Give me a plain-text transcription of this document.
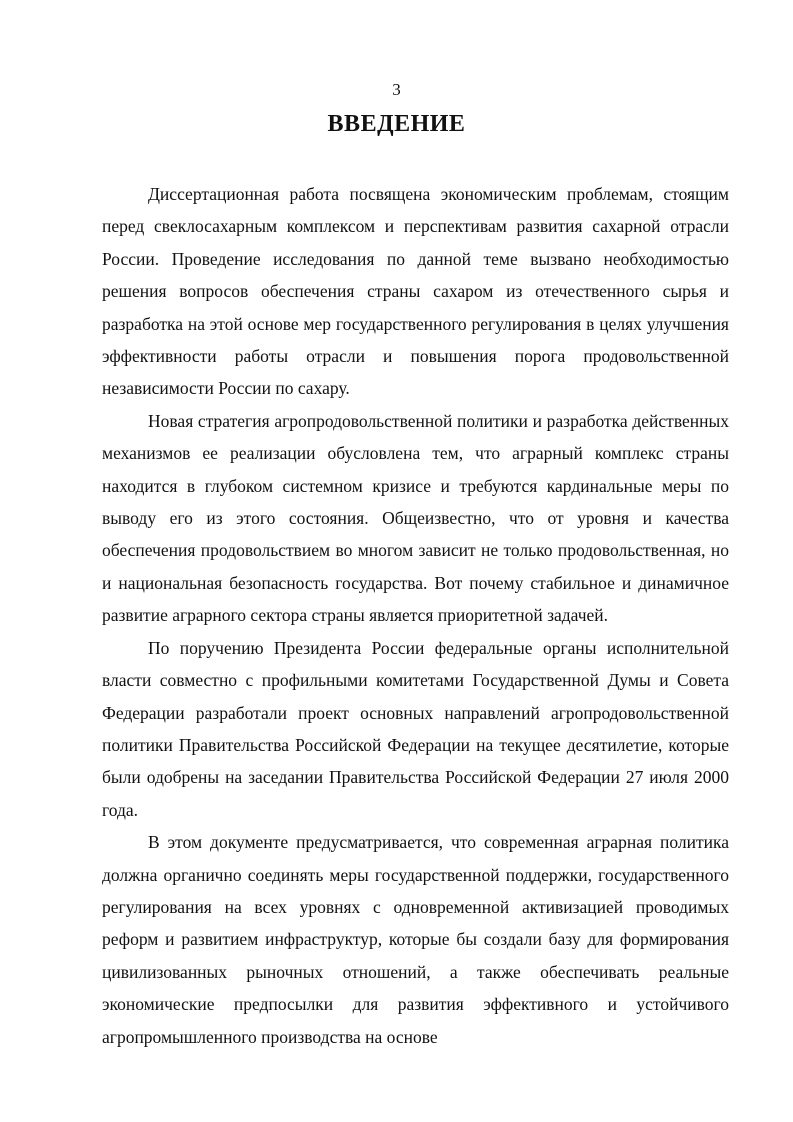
3
ВВЕДЕНИЕ

Диссертационная работа посвящена экономическим проблемам, стоящим перед свеклосахарным комплексом и перспективам развития сахарной отрасли России. Проведение исследования по данной теме вызвано необходимостью решения вопросов обеспечения страны сахаром из отечественного сырья и разработка на этой основе мер государственного регулирования в целях улучшения эффективности работы отрасли и повышения порога продовольственной независимости России по сахару.

Новая стратегия агропродовольственной политики и разработка действенных механизмов ее реализации обусловлена тем, что аграрный комплекс страны находится в глубоком системном кризисе и требуются кардинальные меры по выводу его из этого состояния. Общеизвестно, что от уровня и качества обеспечения продовольствием во многом зависит не только продовольственная, но и национальная безопасность государства. Вот почему стабильное и динамичное развитие аграрного сектора страны является приоритетной задачей.

По поручению Президента России федеральные органы исполнительной власти совместно с профильными комитетами Государственной Думы и Совета Федерации разработали проект основных направлений агропродовольственной политики Правительства Российской Федерации на текущее десятилетие, которые были одобрены на заседании Правительства Российской Федерации 27 июля 2000 года.

В этом документе предусматривается, что современная аграрная политика должна органично соединять меры государственной поддержки, государственного регулирования на всех уровнях с одновременной активизацией проводимых реформ и развитием инфраструктур, которые бы создали базу для формирования цивилизованных рыночных отношений, а также обеспечивать реальные экономические предпосылки для развития эффективного и устойчивого агропромышленного производства на основе
